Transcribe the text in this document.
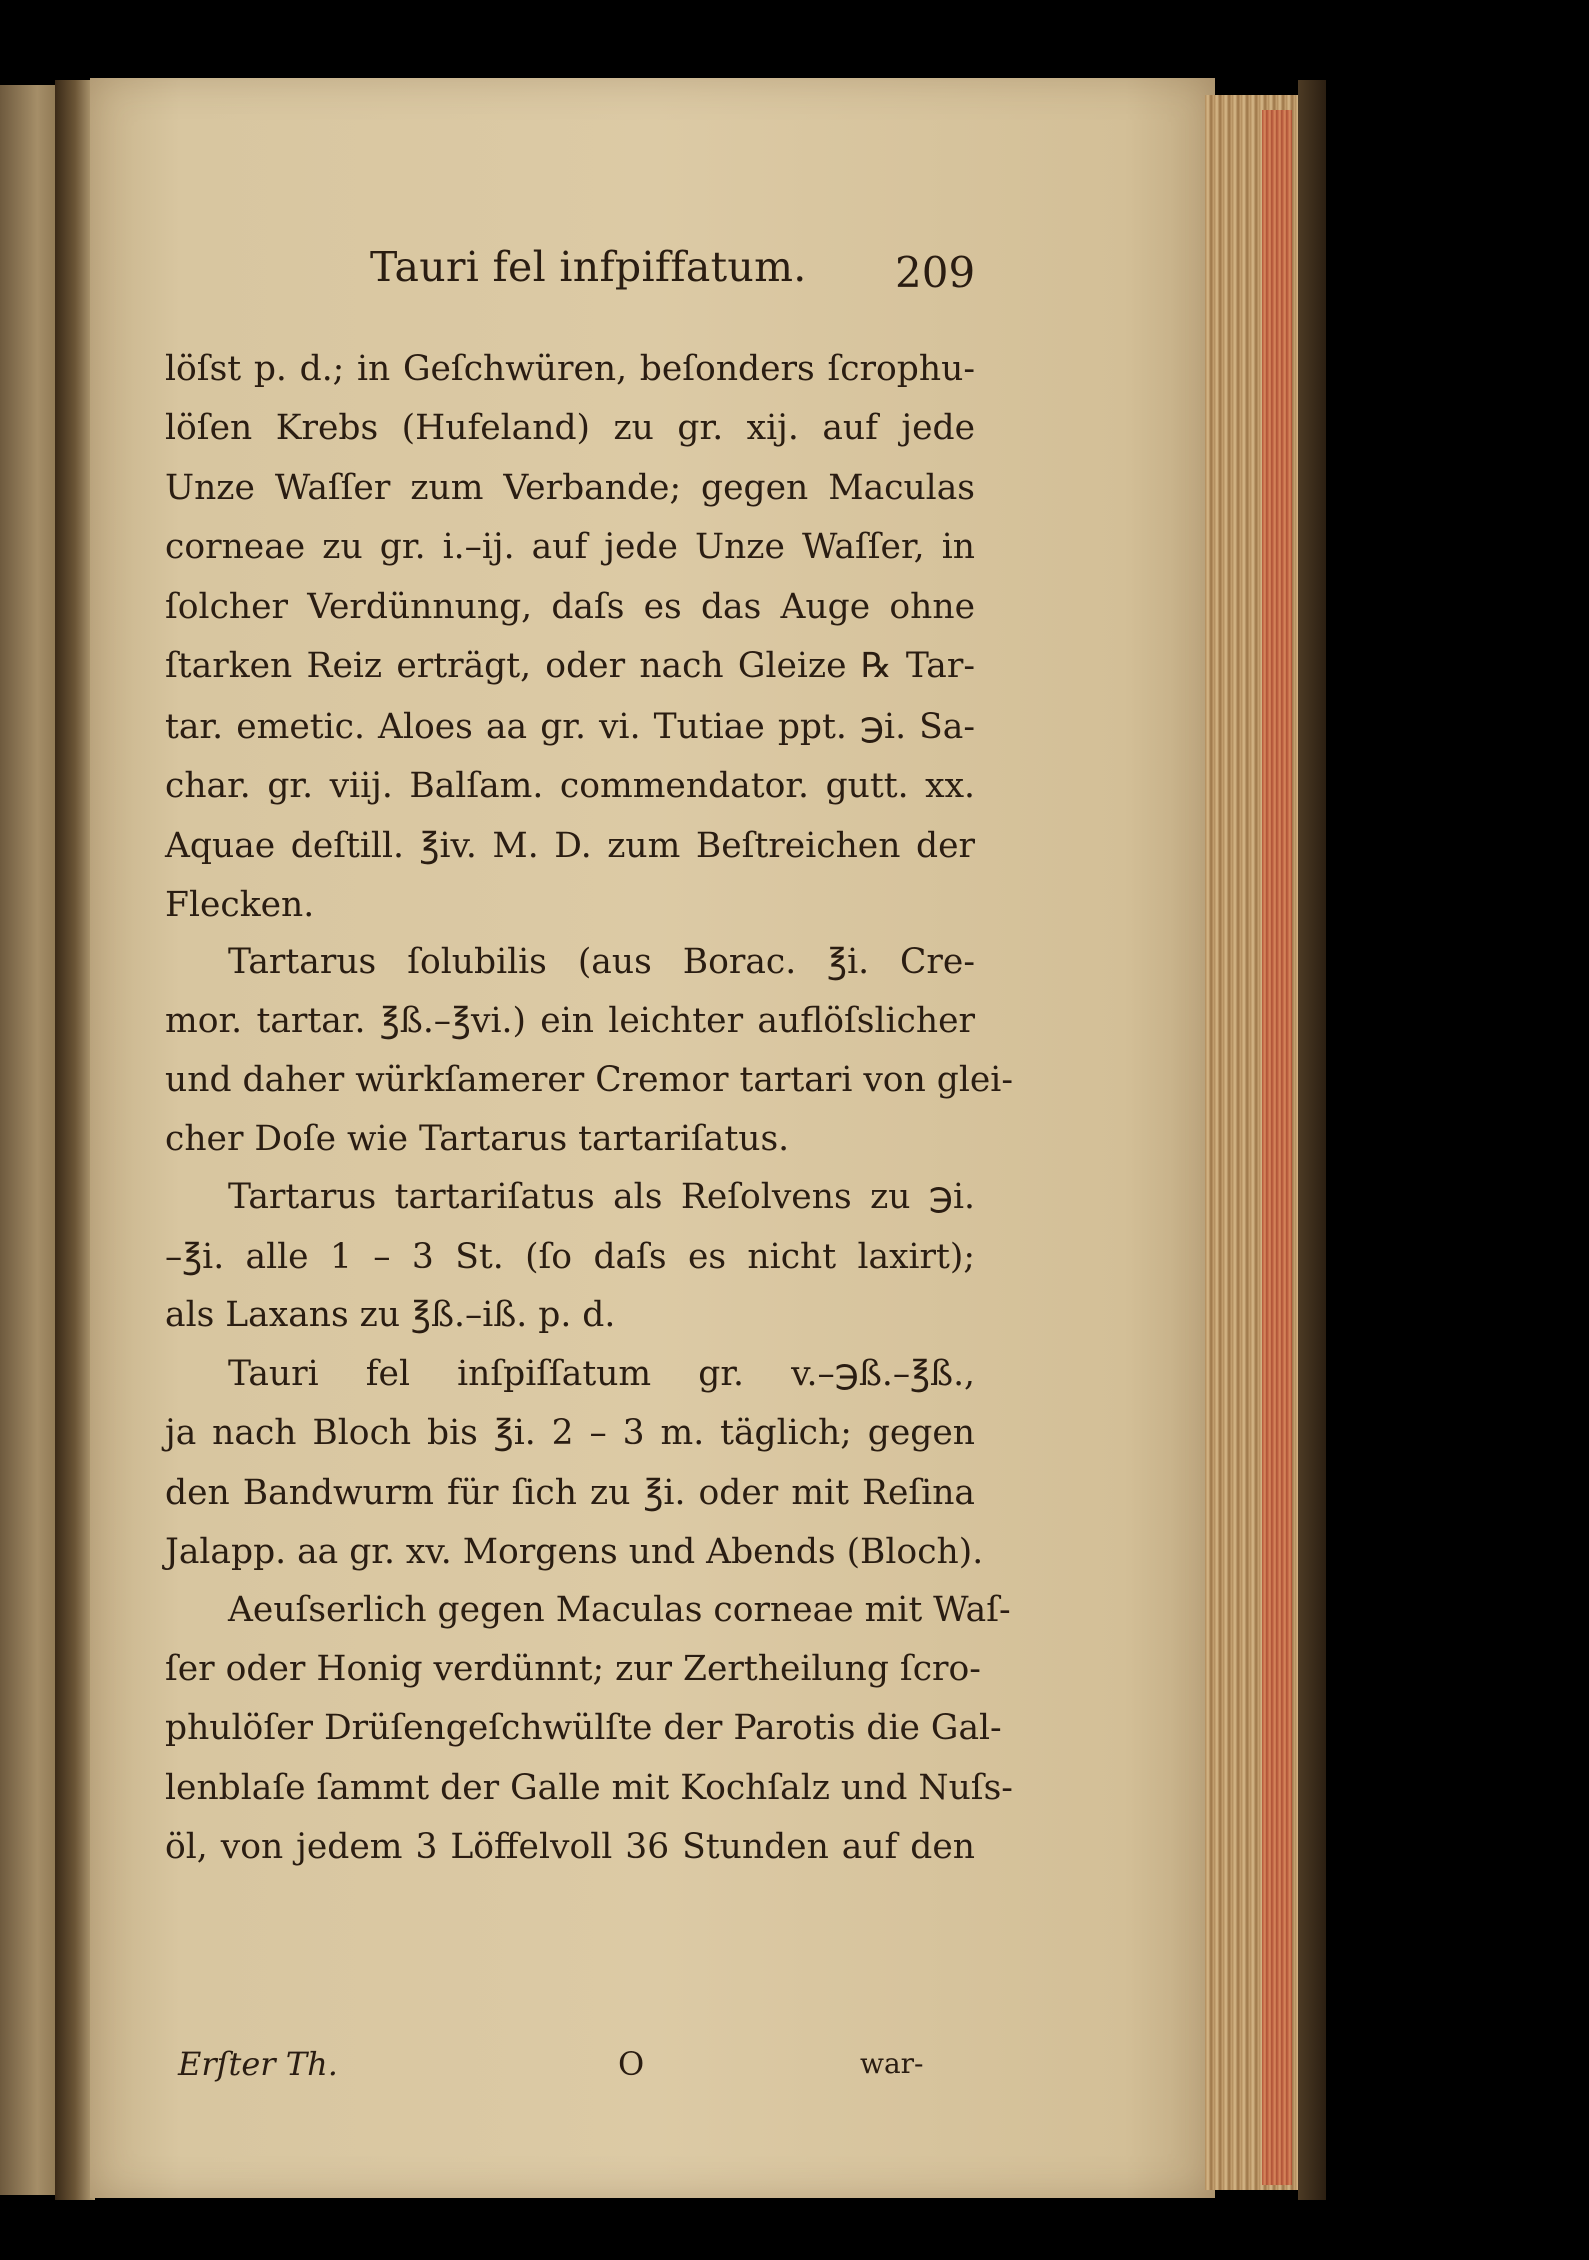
Tauri fel infpiffatum. 209
löſst p. d.; in Geſchwüren, beſonders ſcrophu-
löſen Krebs (Hufeland) zu gr. xij. auf jede
Unze Waſſer zum Verbande; gegen Maculas
corneae zu gr. i.–ij. auf jede Unze Waſſer, in
ſolcher Verdünnung, daſs es das Auge ohne
ſtarken Reiz erträgt, oder nach Gleize ℞ Tar-
tar. emetic. Aloes aa gr. vi. Tutiae ppt. ℈i. Sa-
char. gr. viij. Balſam. commendator. gutt. xx.
Aquae deſtill. ℥iv. M. D. zum Beſtreichen der
Flecken.
Tartarus ſolubilis (aus Borac. ℥i. Cre-
mor. tartar. ℥ß.–℥vi.) ein leichter auflöſslicher
und daher würkſamerer Cremor tartari von glei-
cher Doſe wie Tartarus tartariſatus.
Tartarus tartariſatus als Reſolvens zu ℈i.
–℥i. alle 1 – 3 St. (ſo daſs es nicht laxirt);
als Laxans zu ℥ß.–iß. p. d.
Tauri fel inſpiſſatum gr. v.–℈ß.–℥ß.,
ja nach Bloch bis ℥i. 2 – 3 m. täglich; gegen
den Bandwurm für ſich zu ℥i. oder mit Reſina
Jalapp. aa gr. xv. Morgens und Abends (Bloch).
Aeuſserlich gegen Maculas corneae mit Waſ-
ſer oder Honig verdünnt; zur Zertheilung ſcro-
phulöſer Drüſengeſchwülſte der Parotis die Gal-
lenblaſe ſammt der Galle mit Kochſalz und Nuſs-
öl, von jedem 3 Löffelvoll 36 Stunden auf den
Erſter Th.	O	war-
